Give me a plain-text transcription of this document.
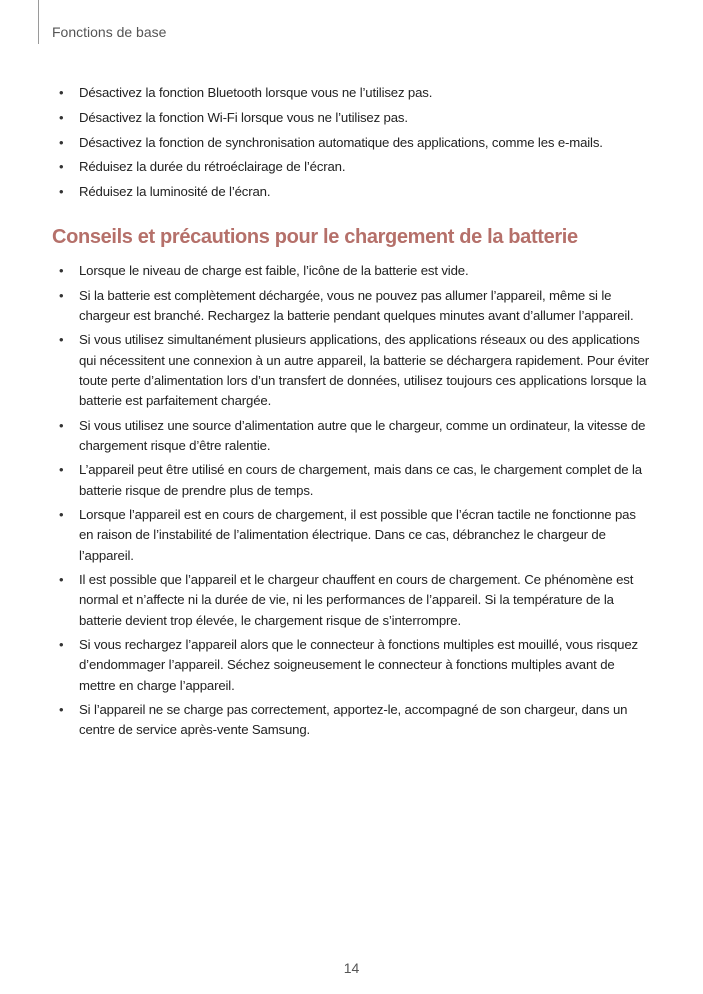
Fonctions de base
• Désactivez la fonction Bluetooth lorsque vous ne l’utilisez pas.
• Désactivez la fonction Wi-Fi lorsque vous ne l’utilisez pas.
• Désactivez la fonction de synchronisation automatique des applications, comme les e-mails.
• Réduisez la durée du rétroéclairage de l’écran.
• Réduisez la luminosité de l’écran.
Conseils et précautions pour le chargement de la batterie
• Lorsque le niveau de charge est faible, l’icône de la batterie est vide.
• Si la batterie est complètement déchargée, vous ne pouvez pas allumer l’appareil, même si le chargeur est branché. Rechargez la batterie pendant quelques minutes avant d’allumer l’appareil.
• Si vous utilisez simultanément plusieurs applications, des applications réseaux ou des applications qui nécessitent une connexion à un autre appareil, la batterie se déchargera rapidement. Pour éviter toute perte d’alimentation lors d’un transfert de données, utilisez toujours ces applications lorsque la batterie est parfaitement chargée.
• Si vous utilisez une source d’alimentation autre que le chargeur, comme un ordinateur, la vitesse de chargement risque d’être ralentie.
• L’appareil peut être utilisé en cours de chargement, mais dans ce cas, le chargement complet de la batterie risque de prendre plus de temps.
• Lorsque l’appareil est en cours de chargement, il est possible que l’écran tactile ne fonctionne pas en raison de l’instabilité de l’alimentation électrique. Dans ce cas, débranchez le chargeur de l’appareil.
• Il est possible que l’appareil et le chargeur chauffent en cours de chargement. Ce phénomène est normal et n’affecte ni la durée de vie, ni les performances de l’appareil. Si la température de la batterie devient trop élevée, le chargement risque de s’interrompre.
• Si vous rechargez l’appareil alors que le connecteur à fonctions multiples est mouillé, vous risquez d’endommager l’appareil. Séchez soigneusement le connecteur à fonctions multiples avant de mettre en charge l’appareil.
• Si l’appareil ne se charge pas correctement, apportez-le, accompagné de son chargeur, dans un centre de service après-vente Samsung.
14
